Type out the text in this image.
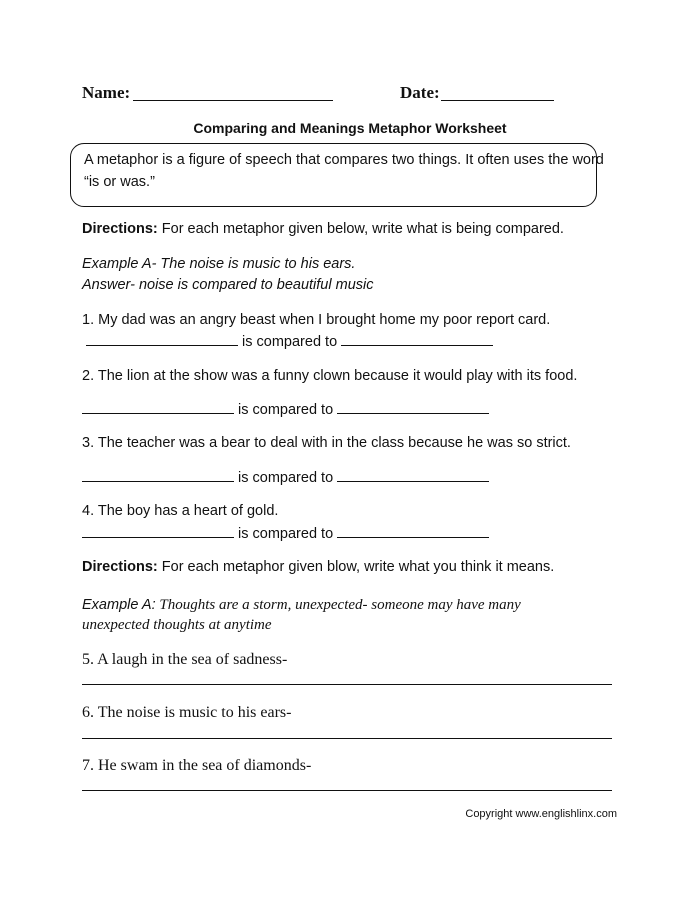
Name:	Date:
Comparing and Meanings Metaphor Worksheet
A metaphor is a figure of speech that compares two things. It often uses the word
“is or was.”
Directions: For each metaphor given below, write what is being compared.
Example A- The noise is music to his ears.
Answer- noise is compared to beautiful music
1. My dad was an angry beast when I brought home my poor report card.
is compared to
2. The lion at the show was a funny clown because it would play with its food.
is compared to
3. The teacher was a bear to deal with in the class because he was so strict.
is compared to
4. The boy has a heart of gold.
is compared to
Directions: For each metaphor given blow, write what you think it means.
Example A: Thoughts are a storm, unexpected- someone may have many
unexpected thoughts at anytime
5. A laugh in the sea of sadness-
6. The noise is music to his ears-
7. He swam in the sea of diamonds-
Copyright www.englishlinx.com
